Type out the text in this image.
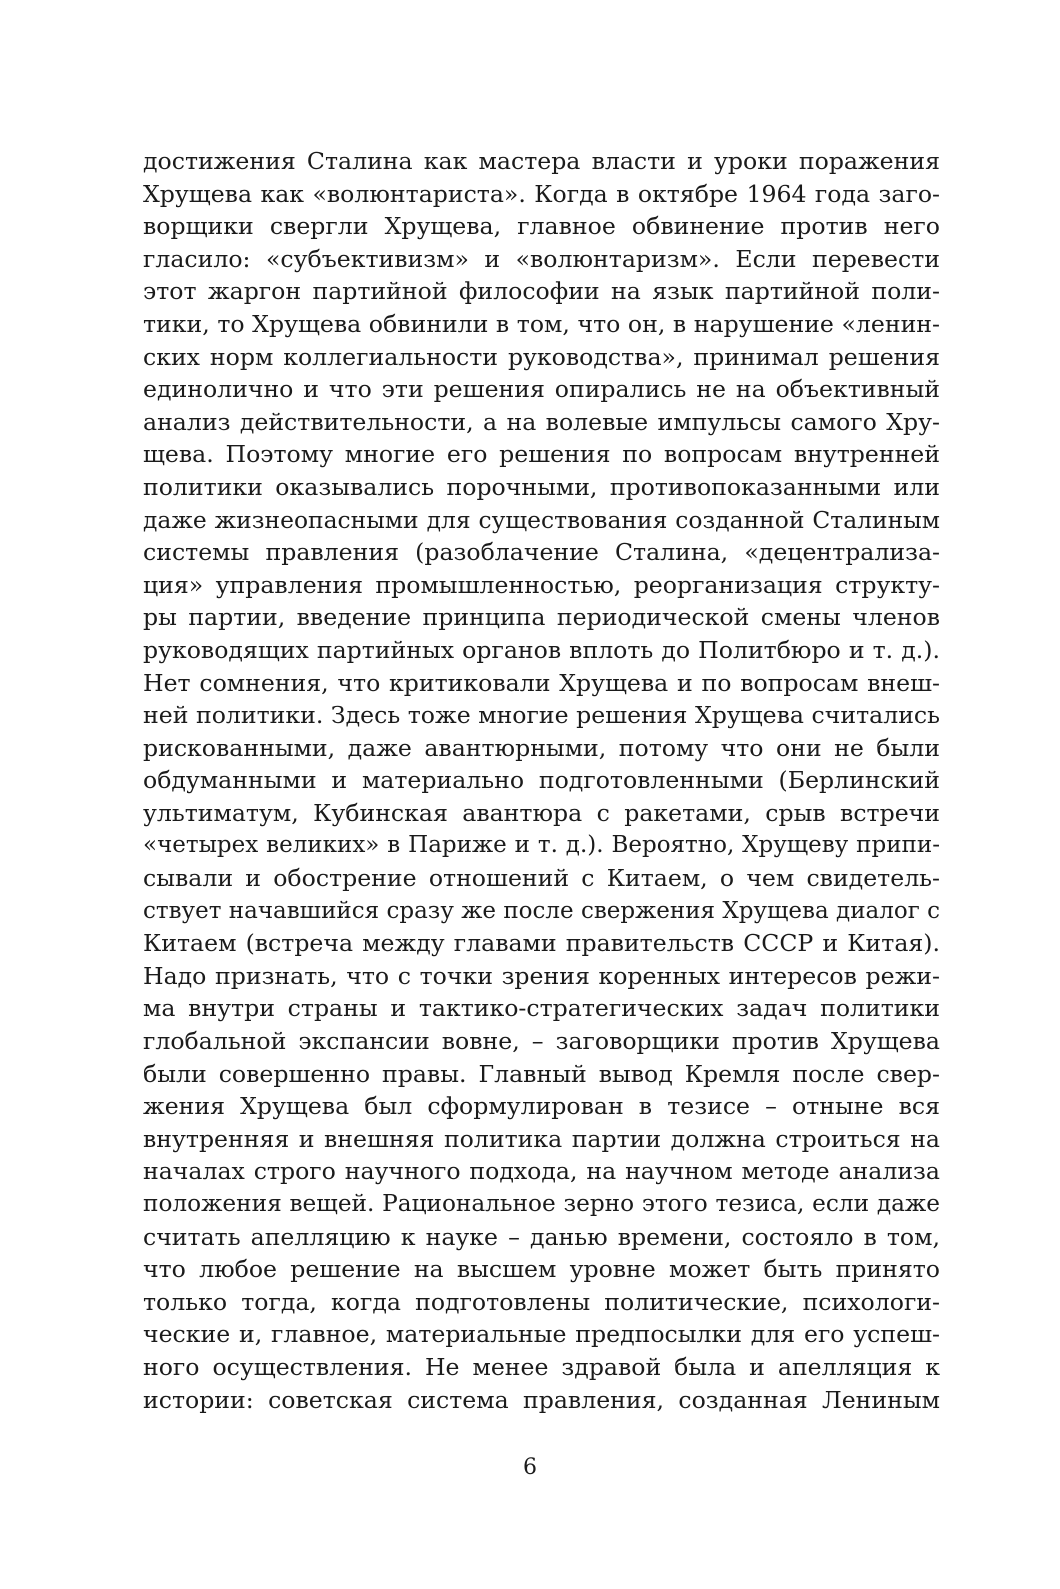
достижения Сталина как мастера власти и уроки поражения
Хрущева как «волюнтариста». Когда в октябре 1964 года заго-
ворщики свергли Хрущева, главное обвинение против него
гласило: «субъективизм» и «волюнтаризм». Если перевести
этот жаргон партийной философии на язык партийной поли-
тики, то Хрущева обвинили в том, что он, в нарушение «ленин-
ских норм коллегиальности руководства», принимал решения
единолично и что эти решения опирались не на объективный
анализ действительности, а на волевые импульсы самого Хру-
щева. Поэтому многие его решения по вопросам внутренней
политики оказывались порочными, противопоказанными или
даже жизнеопасными для существования созданной Сталиным
системы правления (разоблачение Сталина, «децентрализа-
ция» управления промышленностью, реорганизация структу-
ры партии, введение принципа периодической смены членов
руководящих партийных органов вплоть до Политбюро и т. д.).
Нет сомнения, что критиковали Хрущева и по вопросам внеш-
ней политики. Здесь тоже многие решения Хрущева считались
рискованными, даже авантюрными, потому что они не были
обдуманными и материально подготовленными (Берлинский
ультиматум, Кубинская авантюра с ракетами, срыв встречи
«четырех великих» в Париже и т. д.). Вероятно, Хрущеву припи-
сывали и обострение отношений с Китаем, о чем свидетель-
ствует начавшийся сразу же после свержения Хрущева диалог с
Китаем (встреча между главами правительств СССР и Китая).
Надо признать, что с точки зрения коренных интересов режи-
ма внутри страны и тактико-стратегических задач политики
глобальной экспансии вовне, – заговорщики против Хрущева
были совершенно правы. Главный вывод Кремля после свер-
жения Хрущева был сформулирован в тезисе – отныне вся
внутренняя и внешняя политика партии должна строиться на
началах строго научного подхода, на научном методе анализа
положения вещей. Рациональное зерно этого тезиса, если даже
считать апелляцию к науке – данью времени, состояло в том,
что любое решение на высшем уровне может быть принято
только тогда, когда подготовлены политические, психологи-
ческие и, главное, материальные предпосылки для его успеш-
ного осуществления. Не менее здравой была и апелляция к
истории: советская система правления, созданная Лениным
6
